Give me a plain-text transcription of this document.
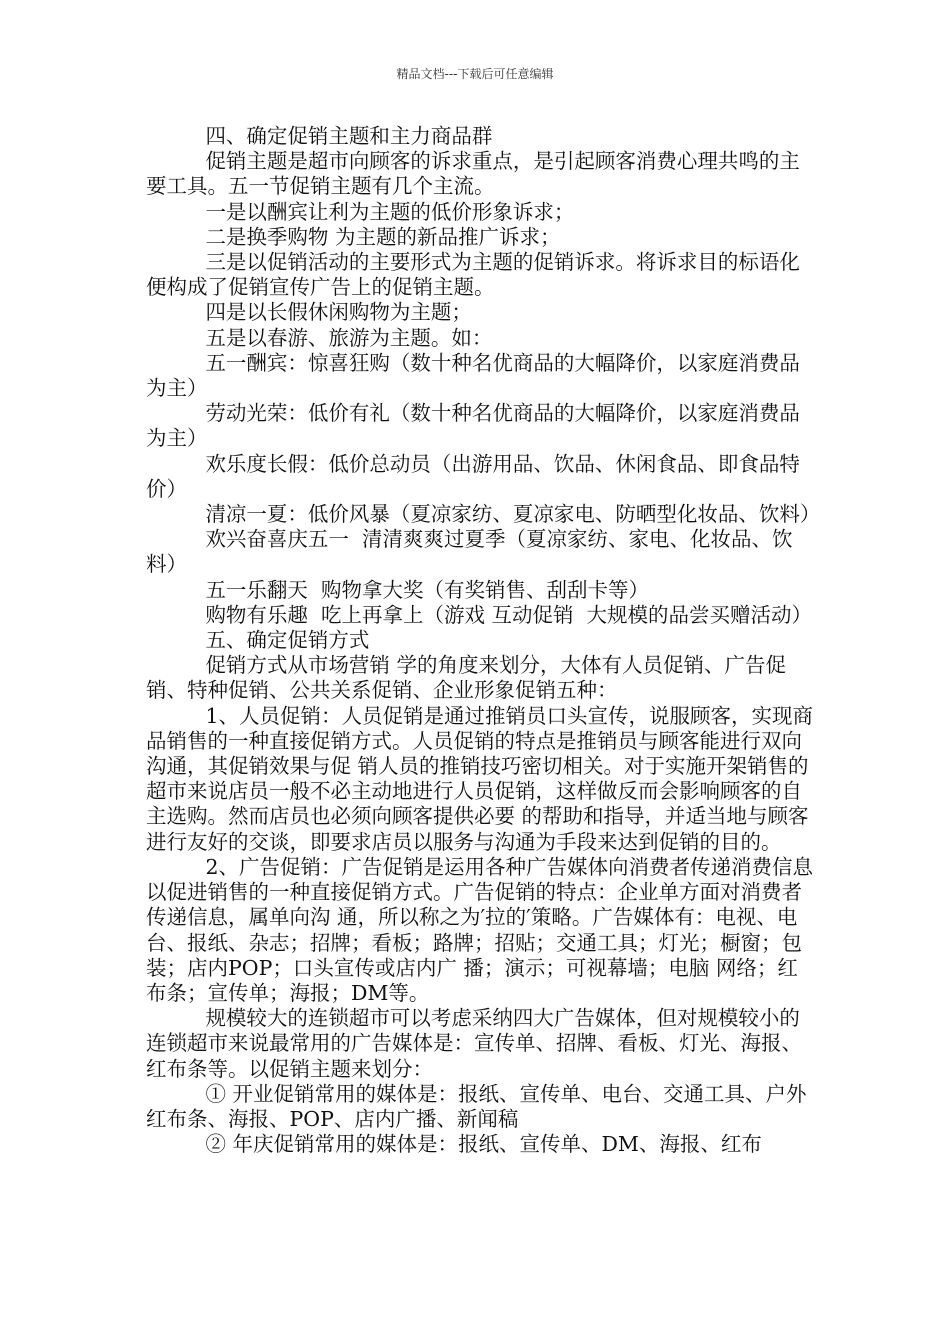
精品文档---下载后可任意编辑

四、确定促销主题和主力商品群

促销主题是超市向顾客的诉求重点，是引起顾客消费心理共鸣的主要工具。五一节促销主题有几个主流。

一是以酬宾让利为主题的低价形象诉求；

二是换季购物 为主题的新品推广诉求；

三是以促销活动的主要形式为主题的促销诉求。将诉求目的标语化便构成了促销宣传广告上的促销主题。

四是以长假休闲购物为主题；

五是以春游、旅游为主题。如：

五一酬宾：惊喜狂购（数十种名优商品的大幅降价，以家庭消费品为主）

劳动光荣：低价有礼（数十种名优商品的大幅降价，以家庭消费品为主）

欢乐度长假：低价总动员（出游用品、饮品、休闲食品、即食品特价）

清凉一夏：低价风暴（夏凉家纺、夏凉家电、防晒型化妆品、饮料）

欢兴奋喜庆五一  清清爽爽过夏季（夏凉家纺、家电、化妆品、饮料）

五一乐翻天  购物拿大奖（有奖销售、刮刮卡等）

购物有乐趣  吃上再拿上（游戏 互动促销  大规模的品尝买赠活动）

五、确定促销方式

促销方式从市场营销 学的角度来划分，大体有人员促销、广告促销、特种促销、公共关系促销、企业形象促销五种：

1、人员促销：人员促销是通过推销员口头宣传，说服顾客，实现商品销售的一种直接促销方式。人员促销的特点是推销员与顾客能进行双向沟通，其促销效果与促 销人员的推销技巧密切相关。对于实施开架销售的超市来说店员一般不必主动地进行人员促销，这样做反而会影响顾客的自主选购。然而店员也必须向顾客提供必要 的帮助和指导，并适当地与顾客进行友好的交谈，即要求店员以服务与沟通为手段来达到促销的目的。

2、广告促销：广告促销是运用各种广告媒体向消费者传递消费信息以促进销售的一种直接促销方式。广告促销的特点：企业单方面对消费者传递信息，属单向沟 通，所以称之为′拉的′策略。广告媒体有：电视、电台、报纸、杂志；招牌；看板；路牌；招贴；交通工具；灯光；橱窗；包装；店内POP；口头宣传或店内广 播；演示；可视幕墙；电脑 网络；红布条；宣传单；海报；DM等。

规模较大的连锁超市可以考虑采纳四大广告媒体，但对规模较小的连锁超市来说最常用的广告媒体是：宣传单、招牌、看板、灯光、海报、红布条等。以促销主题来划分：

① 开业促销常用的媒体是：报纸、宣传单、电台、交通工具、户外红布条、海报、POP、店内广播、新闻稿

② 年庆促销常用的媒体是：报纸、宣传单、DM、海报、红布
